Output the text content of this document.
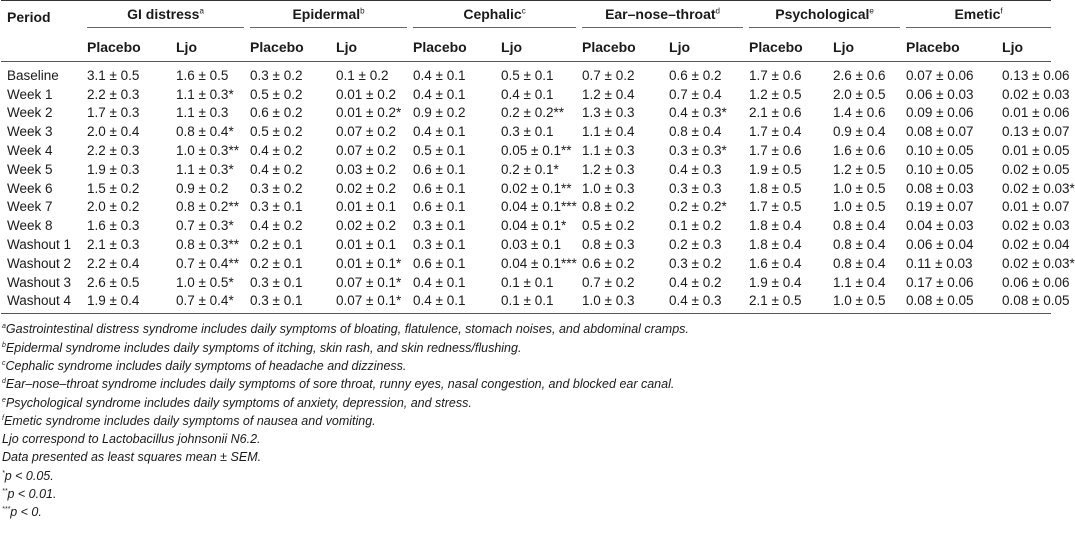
Period	GI distress$^a$		Epidermal$^b$		Cephalic$^c$		Ear–nose–throat$^d$		Psychological$^e$		Emetic$^f$

	Placebo	Ljo	Placebo	Ljo	Placebo	Ljo	Placebo	Ljo	Placebo	Ljo	Placebo	Ljo
Baseline	3.1 ± 0.5	1.6 ± 0.5	0.3 ± 0.2	0.1 ± 0.2	0.4 ± 0.1	0.5 ± 0.1	0.7 ± 0.2	0.6 ± 0.2	1.7 ± 0.6	2.6 ± 0.6	0.07 ± 0.06	0.13 ± 0.06
Week 1	2.2 ± 0.3	1.1 ± 0.3*	0.5 ± 0.2	0.01 ± 0.2	0.4 ± 0.1	0.4 ± 0.1	1.2 ± 0.4	0.7 ± 0.4	1.2 ± 0.5	2.0 ± 0.5	0.06 ± 0.03	0.02 ± 0.03
Week 2	1.7 ± 0.3	1.1 ± 0.3	0.6 ± 0.2	0.01 ± 0.2*	0.9 ± 0.2	0.2 ± 0.2**	1.3 ± 0.3	0.4 ± 0.3*	2.1 ± 0.6	1.4 ± 0.6	0.09 ± 0.06	0.01 ± 0.06
Week 3	2.0 ± 0.4	0.8 ± 0.4*	0.5 ± 0.2	0.07 ± 0.2	0.4 ± 0.1	0.3 ± 0.1	1.1 ± 0.4	0.8 ± 0.4	1.7 ± 0.4	0.9 ± 0.4	0.08 ± 0.07	0.13 ± 0.07
Week 4	2.2 ± 0.3	1.0 ± 0.3**	0.4 ± 0.2	0.07 ± 0.2	0.5 ± 0.1	0.05 ± 0.1**	1.1 ± 0.3	0.3 ± 0.3*	1.7 ± 0.6	1.6 ± 0.6	0.10 ± 0.05	0.01 ± 0.05
Week 5	1.9 ± 0.3	1.1 ± 0.3*	0.4 ± 0.2	0.03 ± 0.2	0.6 ± 0.1	0.2 ± 0.1*	1.2 ± 0.3	0.4 ± 0.3	1.9 ± 0.5	1.2 ± 0.5	0.10 ± 0.05	0.02 ± 0.05
Week 6	1.5 ± 0.2	0.9 ± 0.2	0.3 ± 0.2	0.02 ± 0.2	0.6 ± 0.1	0.02 ± 0.1**	1.0 ± 0.3	0.3 ± 0.3	1.8 ± 0.5	1.0 ± 0.5	0.08 ± 0.03	0.02 ± 0.03*
Week 7	2.0 ± 0.2	0.8 ± 0.2**	0.3 ± 0.1	0.01 ± 0.1	0.6 ± 0.1	0.04 ± 0.1***	0.8 ± 0.2	0.2 ± 0.2*	1.7 ± 0.5	1.0 ± 0.5	0.19 ± 0.07	0.01 ± 0.07
Week 8	1.6 ± 0.3	0.7 ± 0.3*	0.4 ± 0.2	0.02 ± 0.2	0.3 ± 0.1	0.04 ± 0.1*	0.5 ± 0.2	0.1 ± 0.2	1.8 ± 0.4	0.8 ± 0.4	0.04 ± 0.03	0.02 ± 0.03
Washout 1	2.1 ± 0.3	0.8 ± 0.3**	0.2 ± 0.1	0.01 ± 0.1	0.3 ± 0.1	0.03 ± 0.1	0.8 ± 0.3	0.2 ± 0.3	1.8 ± 0.4	0.8 ± 0.4	0.06 ± 0.04	0.02 ± 0.04
Washout 2	2.2 ± 0.4	0.7 ± 0.4**	0.2 ± 0.1	0.01 ± 0.1*	0.6 ± 0.1	0.04 ± 0.1***	0.6 ± 0.2	0.3 ± 0.2	1.6 ± 0.4	0.8 ± 0.4	0.11 ± 0.03	0.02 ± 0.03*
Washout 3	2.6 ± 0.5	1.0 ± 0.5*	0.3 ± 0.1	0.07 ± 0.1*	0.4 ± 0.1	0.1 ± 0.1	0.7 ± 0.2	0.4 ± 0.2	1.9 ± 0.4	1.1 ± 0.4	0.17 ± 0.06	0.06 ± 0.06
Washout 4	1.9 ± 0.4	0.7 ± 0.4*	0.3 ± 0.1	0.07 ± 0.1*	0.4 ± 0.1	0.1 ± 0.1	1.0 ± 0.3	0.4 ± 0.3	2.1 ± 0.5	1.0 ± 0.5	0.08 ± 0.05	0.08 ± 0.05
$^a$Gastrointestinal distress syndrome includes daily symptoms of bloating, flatulence, stomach noises, and abdominal cramps.
$^b$Epidermal syndrome includes daily symptoms of itching, skin rash, and skin redness/flushing.
$^c$Cephalic syndrome includes daily symptoms of headache and dizziness.
$^d$Ear–nose–throat syndrome includes daily symptoms of sore throat, runny eyes, nasal congestion, and blocked ear canal.
$^e$Psychological syndrome includes daily symptoms of anxiety, depression, and stress.
$^f$Emetic syndrome includes daily symptoms of nausea and vomiting.
Ljo correspond to Lactobacillus johnsonii N6.2.
Data presented as least squares mean ± SEM.
*p < 0.05.
**p < 0.01.
***p < 0.
